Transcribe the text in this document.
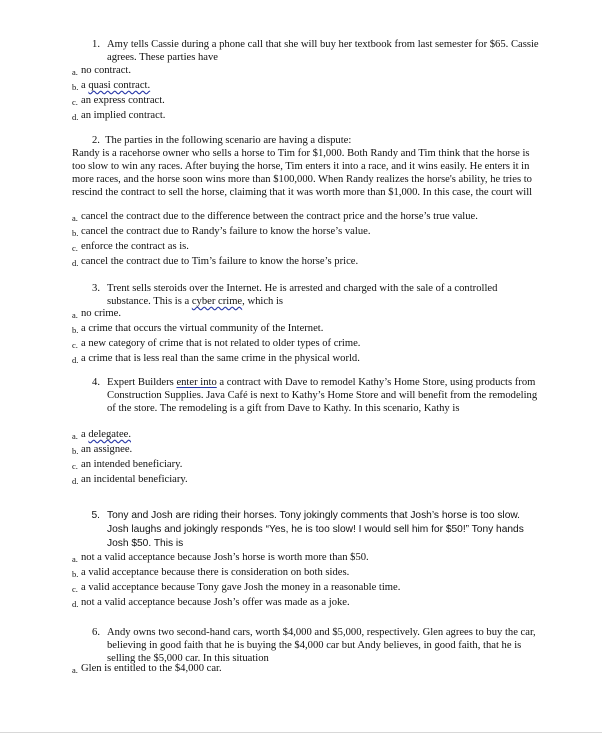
1. Amy tells Cassie during a phone call that she will buy her textbook from last semester for $65. Cassie agrees. These parties have
a. no contract.
b. a quasi contract.
c. an express contract.
d. an implied contract.
2. The parties in the following scenario are having a dispute:
Randy is a racehorse owner who sells a horse to Tim for $1,000. Both Randy and Tim think that the horse is too slow to win any races. After buying the horse, Tim enters it into a race, and it wins easily. He enters it in more races, and the horse soon wins more than $100,000. When Randy realizes the horse's ability, he tries to rescind the contract to sell the horse, claiming that it was worth more than $1,000. In this case, the court will
a. cancel the contract due to the difference between the contract price and the horse’s true value.
b. cancel the contract due to Randy’s failure to know the horse’s value.
c. enforce the contract as is.
d. cancel the contract due to Tim’s failure to know the horse’s price.
3. Trent sells steroids over the Internet. He is arrested and charged with the sale of a controlled substance. This is a cyber crime, which is
a. no crime.
b. a crime that occurs the virtual community of the Internet.
c. a new category of crime that is not related to older types of crime.
d. a crime that is less real than the same crime in the physical world.
4. Expert Builders enter into a contract with Dave to remodel Kathy’s Home Store, using products from Construction Supplies. Java Café is next to Kathy’s Home Store and will benefit from the remodeling of the store. The remodeling is a gift from Dave to Kathy. In this scenario, Kathy is
a. a delegatee.
b. an assignee.
c. an intended beneficiary.
d. an incidental beneficiary.
5. Tony and Josh are riding their horses. Tony jokingly comments that Josh’s horse is too slow. Josh laughs and jokingly responds “Yes, he is too slow! I would sell him for $50!” Tony hands Josh $50. This is
a. not a valid acceptance because Josh’s horse is worth more than $50.
b. a valid acceptance because there is consideration on both sides.
c. a valid acceptance because Tony gave Josh the money in a reasonable time.
d. not a valid acceptance because Josh’s offer was made as a joke.
6. Andy owns two second-hand cars, worth $4,000 and $5,000, respectively. Glen agrees to buy the car, believing in good faith that he is buying the $4,000 car but Andy believes, in good faith, that he is selling the $5,000 car. In this situation
a. Glen is entitled to the $4,000 car.
